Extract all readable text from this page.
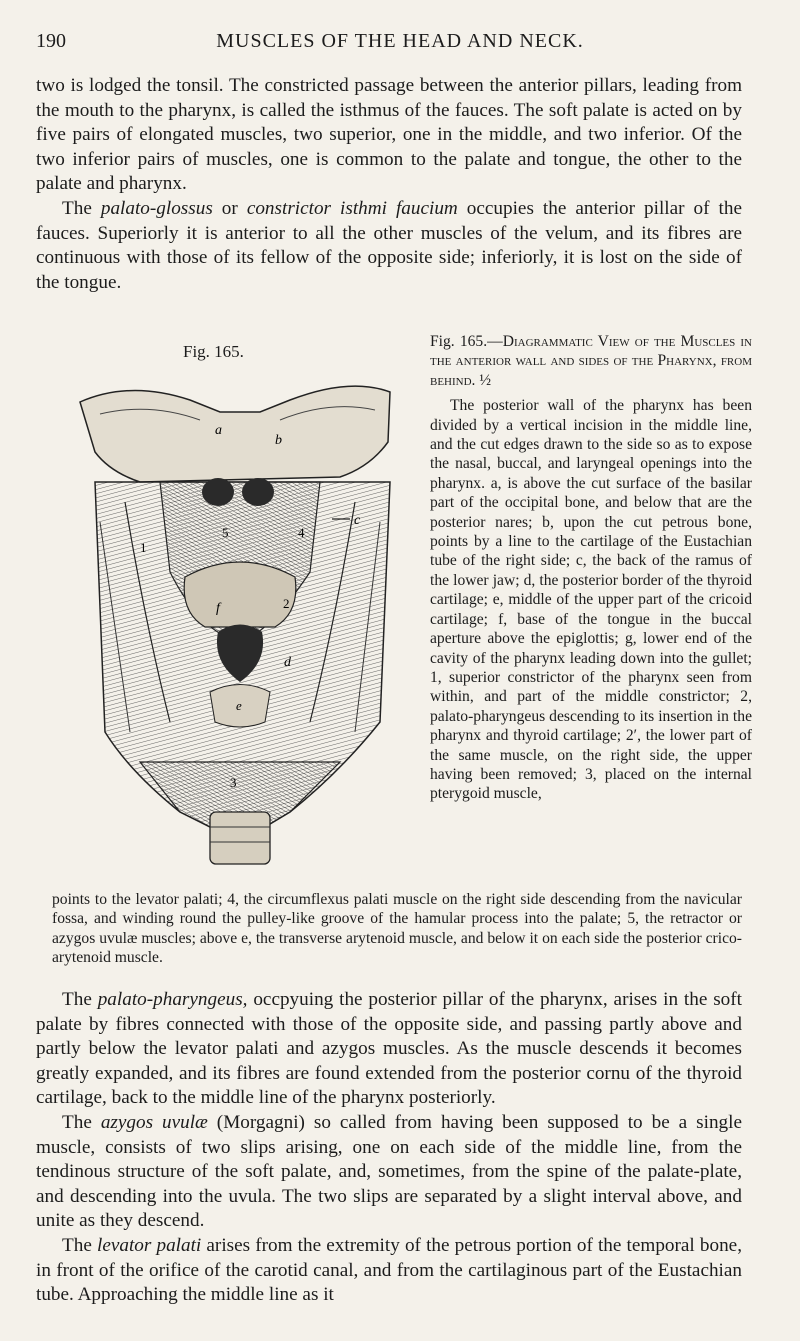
190	MUSCLES OF THE HEAD AND NECK.

two is lodged the tonsil. The constricted passage between the anterior pillars, leading from the mouth to the pharynx, is called the isthmus of the fauces. The soft palate is acted on by five pairs of elongated muscles, two superior, one in the middle, and two inferior. Of the two inferior pairs of muscles, one is common to the palate and tongue, the other to the palate and pharynx.

The palato-glossus or constrictor isthmi faucium occupies the anterior pillar of the fauces. Superiorly it is anterior to all the other muscles of the velum, and its fibres are continuous with those of its fellow of the opposite side; inferiorly, it is lost on the side of the tongue.

Fig. 165.
a
b
c
d
e
f
1
2
3
4
5

Fig. 165.—Diagrammatic View of the Muscles in the anterior wall and sides of the Pharynx, from behind. ½

The posterior wall of the pharynx has been divided by a vertical incision in the middle line, and the cut edges drawn to the side so as to expose the nasal, buccal, and laryngeal openings into the pharynx. a, is above the cut surface of the basilar part of the occipital bone, and below that are the posterior nares; b, upon the cut petrous bone, points by a line to the cartilage of the Eustachian tube of the right side; c, the back of the ramus of the lower jaw; d, the posterior border of the thyroid cartilage; e, middle of the upper part of the cricoid cartilage; f, base of the tongue in the buccal aperture above the epiglottis; g, lower end of the cavity of the pharynx leading down into the gullet; 1, superior constrictor of the pharynx seen from within, and part of the middle constrictor; 2, palato-pharyngeus descending to its insertion in the pharynx and thyroid cartilage; 2′, the lower part of the same muscle, on the right side, the upper having been removed; 3, placed on the internal pterygoid muscle,

points to the levator palati; 4, the circumflexus palati muscle on the right side descending from the navicular fossa, and winding round the pulley-like groove of the hamular process into the palate; 5, the retractor or azygos uvulæ muscles; above e, the transverse arytenoid muscle, and below it on each side the posterior crico-arytenoid muscle.

The palato-pharyngeus, occpyuing the posterior pillar of the pharynx, arises in the soft palate by fibres connected with those of the opposite side, and passing partly above and partly below the levator palati and azygos muscles. As the muscle descends it becomes greatly expanded, and its fibres are found extended from the posterior cornu of the thyroid cartilage, back to the middle line of the pharynx posteriorly.

The azygos uvulæ (Morgagni) so called from having been supposed to be a single muscle, consists of two slips arising, one on each side of the middle line, from the tendinous structure of the soft palate, and, sometimes, from the spine of the palate-plate, and descending into the uvula. The two slips are separated by a slight interval above, and unite as they descend.

The levator palati arises from the extremity of the petrous portion of the temporal bone, in front of the orifice of the carotid canal, and from the cartilaginous part of the Eustachian tube. Approaching the middle line as it
